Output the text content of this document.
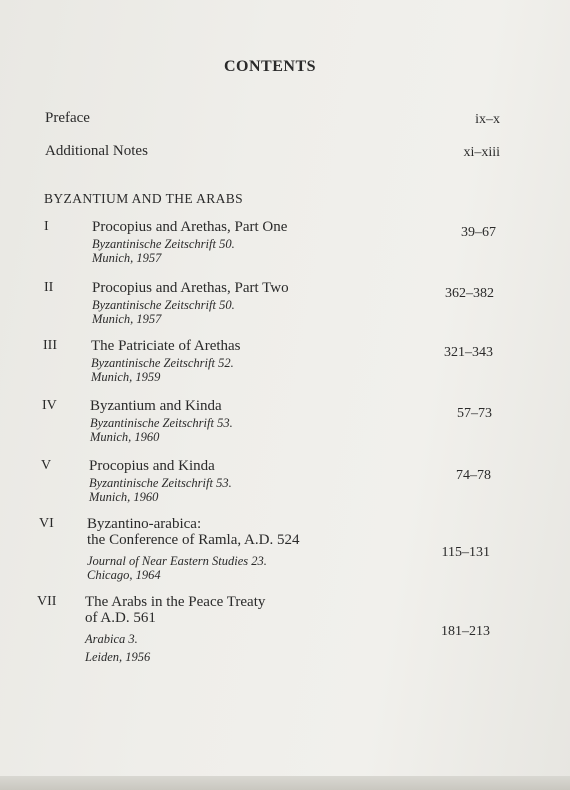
CONTENTS
Preface	ix–x
Additional Notes	xi–xiii
BYZANTIUM AND THE ARABS
I	Procopius and Arethas, Part One
Byzantinische Zeitschrift 50.
Munich, 1957
39–67
II	Procopius and Arethas, Part Two
Byzantinische Zeitschrift 50.
Munich, 1957
362–382
III The Patriciate of Arethas
Byzantinische Zeitschrift 52.
Munich, 1959
321–343
IV Byzantium and Kinda
Byzantinische Zeitschrift 53.
Munich, 1960
57–73
V	Procopius and Kinda
Byzantinische Zeitschrift 53.
Munich, 1960
74–78
VI Byzantino-arabica:
the Conference of Ramla, A.D. 524
Journal of Near Eastern Studies 23.
Chicago, 1964
115–131
VII The Arabs in the Peace Treaty
of A.D. 561
Arabica 3.
Leiden, 1956
181–213
